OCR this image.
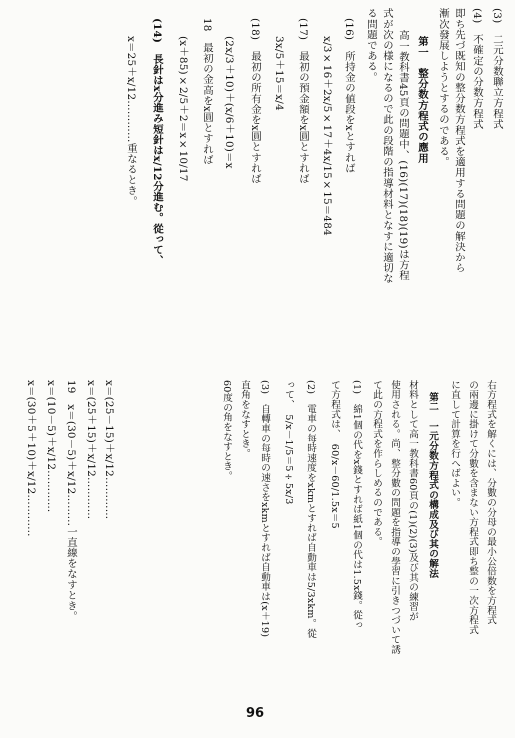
(3)　二元分数聯立方程式
(4)　不確定の分数方程式
即ち先づ既知の整分数方程式を適用する問題の解決から
漸次發展しようとするのである。
第一　整分数方程式の應用
高一教科書45頁の問題中、(16)(17)(18)(19)は方程
式が次の様になるので此の段階の指導材料となすに適切な
る問題である。
(16)　所持金の値段をxとすれば
x/3×16＋2x/5×17＋4x/15×15＝484
(17)　最初の預金額をx圓とすれば
3x/5＋15＝x/4
(18)　最初の所有金をx圓とすれば
(2x/3＋10)＋(x/6＋10)＝x
18　最初の金高をx圓とすれば
(x＋85)×2/5＋2＝x×10/17
(14)　長針はx分進み短針はx/12分進む。從って、
x＝25＋x/12…………重なるとき。
x＝(25－15)＋x/12…………
x＝(25＋15)＋x/12…………
19　x＝(30－5)＋x/12………一直線をなすとき。
x＝(10－5)＋x/12…………
x＝(30＋5＋10)＋x/12…………	右方程式を解くには、分數の分母の最小公倍数を方程式
の兩邊に掛けて分數を含まない方程式即ち整の一次方程式
に直して計算を行へばよい。
第二　一元分数方程式の構成及び其の解法
材料として高一教科書60頁の(1)(2)(3)及び其の練習が
使用される。尚、整分數の問題を指導の學習に引きつづいて誘
て此の方程式を作らしめるのである。
(1)　綿1個の代をx錢とすれば紙1個の代は1.5x錢。從っ
て方程式は、　60/x－60/1.5x＝5
(2)　電車の每時速度をxkmとすれば自動車は5/3xkm。從
って、　5/x－1/5＝5÷5x/3
(3)　自轉車の每時の速さをxkmとすれば自動車は(x＋19)
直角をなすとき。
60度の角をなすとき。
96
